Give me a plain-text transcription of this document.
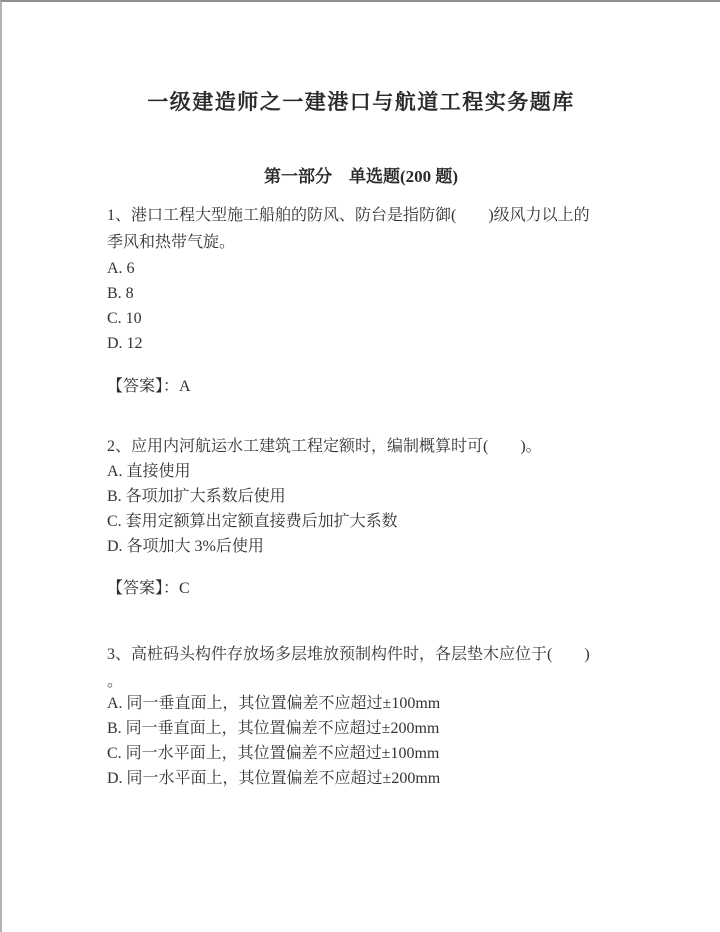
一级建造师之一建港口与航道工程实务题库
第一部分　单选题(200 题)
1、港口工程大型施工船舶的防风、防台是指防御(　　)级风力以上的
季风和热带气旋。
A. 6
B. 8
C. 10
D. 12
【答案】：A
2、应用内河航运水工建筑工程定额时，编制概算时可(　　)。
A. 直接使用
B. 各项加扩大系数后使用
C. 套用定额算出定额直接费后加扩大系数
D. 各项加大 3%后使用
【答案】：C
3、高桩码头构件存放场多层堆放预制构件时，各层垫木应位于(　　)
。
A. 同一垂直面上，其位置偏差不应超过±100mm
B. 同一垂直面上，其位置偏差不应超过±200mm
C. 同一水平面上，其位置偏差不应超过±100mm
D. 同一水平面上，其位置偏差不应超过±200mm
